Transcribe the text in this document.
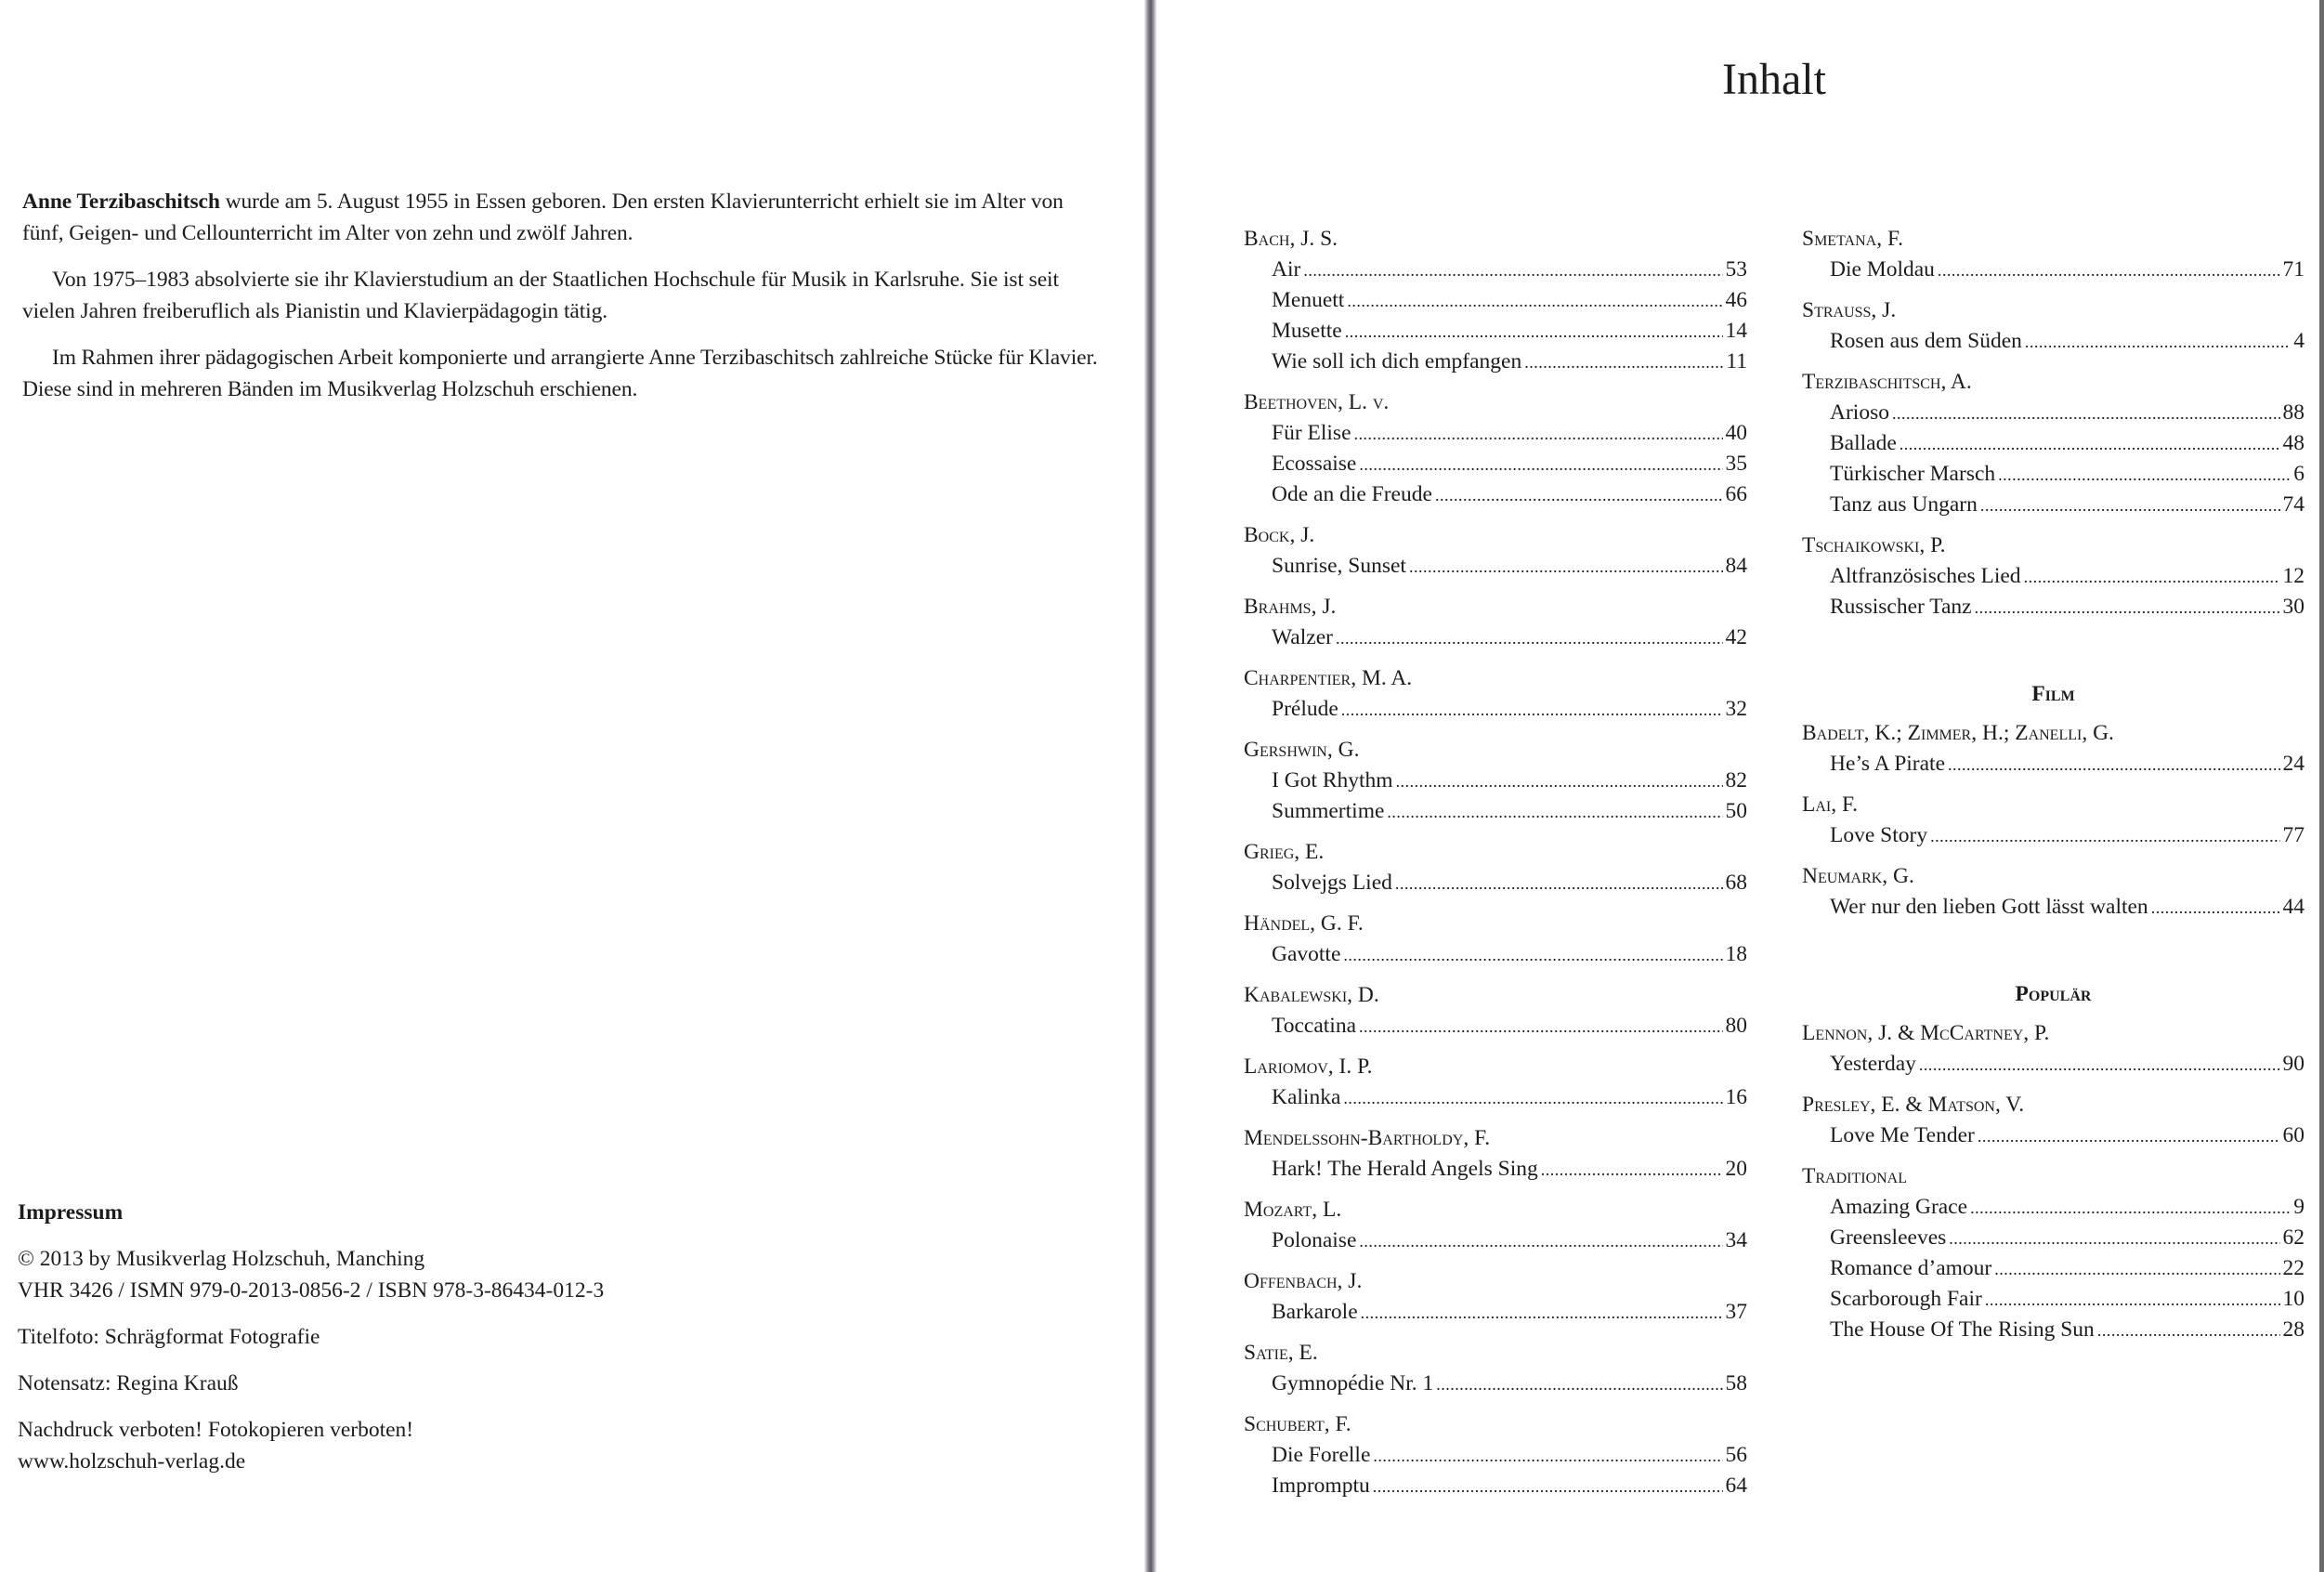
Anne Terzibaschitsch wurde am 5. August 1955 in Essen geboren. Den ersten Klavierunterricht erhielt sie im Alter von fünf, Geigen- und Cellounterricht im Alter von zehn und zwölf Jahren.

Von 1975–1983 absolvierte sie ihr Klavierstudium an der Staatlichen Hochschule für Musik in Karlsruhe. Sie ist seit vielen Jahren freiberuflich als Pianistin und Klavierpädagogin tätig.

Im Rahmen ihrer pädagogischen Arbeit komponierte und arrangierte Anne Terzibaschitsch zahlreiche Stücke für Klavier. Diese sind in mehreren Bänden im Musikverlag Holzschuh erschienen.

Impressum

© 2013 by Musikverlag Holzschuh, Manching

VHR 3426 / ISMN 979-0-2013-0856-2 / ISBN 978-3-86434-012-3

Titelfoto: Schrägformat Fotografie

Notensatz: Regina Krauß

Nachdruck verboten! Fotokopieren verboten!

www.holzschuh-verlag.de

Inhalt
Bach, J. S.
Air . . .	53
Menuett . . .	46
Musette . . .	14
Wie soll ich dich empfangen . . .	11
Beethoven, L. v.
Für Elise . . .	40
Ecossaise . . .	35
Ode an die Freude . . .	66
Bock, J.
Sunrise, Sunset . . .	84
Brahms, J.
Walzer . . .	42
Charpentier, M. A.
Prélude . . .	32
Gershwin, G.
I Got Rhythm . . .	82
Summertime . . .	50
Grieg, E.
Solvejgs Lied . . .	68
Händel, G. F.
Gavotte . . .	18
Kabalewski, D.
Toccatina . . .	80
Lariomov, I. P.
Kalinka . . .	16
Mendelssohn-Bartholdy, F.
Hark! The Herald Angels Sing . . .	20
Mozart, L.
Polonaise . . .	34
Offenbach, J.
Barkarole . . .	37
Satie, E.
Gymnopédie Nr. 1 . . .	58
Schubert, F.
Die Forelle . . .	56
Impromptu . . .	64
Smetana, F.
Die Moldau . . .	71
Strauss, J.
Rosen aus dem Süden . . .	4
Terzibaschitsch, A.
Arioso . . .	88
Ballade . . .	48
Türkischer Marsch . . .	6
Tanz aus Ungarn . . .	74
Tschaikowski, P.
Altfranzösisches Lied . . .	12
Russischer Tanz . . .	30
Film
Badelt, K.; Zimmer, H.; Zanelli, G.
He’s A Pirate . . .	24
Lai, F.
Love Story . . .	77
Neumark, G.
Wer nur den lieben Gott lässt walten . . .	44
Populär
Lennon, J. & McCartney, P.
Yesterday . . .	90
Presley, E. & Matson, V.
Love Me Tender . . .	60
Traditional
Amazing Grace . . .	9
Greensleeves . . .	62
Romance d’amour . . .	22
Scarborough Fair . . .	10
The House Of The Rising Sun . . .	28
